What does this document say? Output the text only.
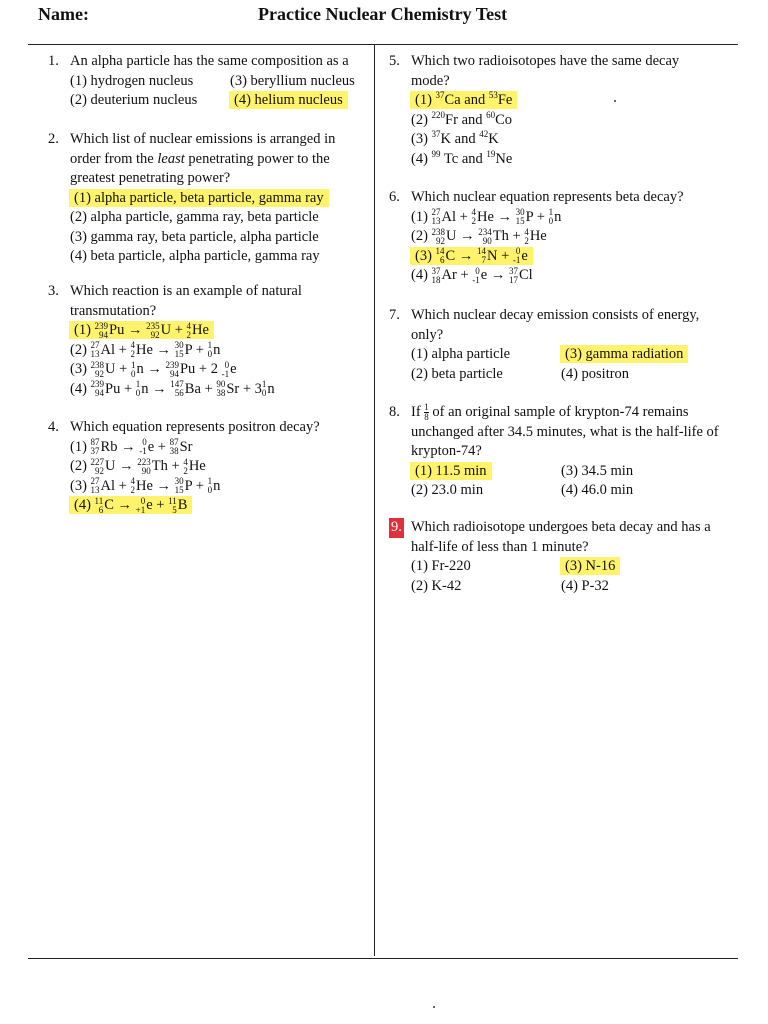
Name:	Practice Nuclear Chemistry Test
1. An alpha particle has the same composition as a
(1) hydrogen nucleus	(3) beryllium nucleus
(2) deuterium nucleus	(4) helium nucleus
2. Which list of nuclear emissions is arranged in order from the least penetrating power to the greatest penetrating power?
(1) alpha particle, beta particle, gamma ray
(2) alpha particle, gamma ray, beta particle
(3) gamma ray, beta particle, alpha particle
(4) beta particle, alpha particle, gamma ray
3. Which reaction is an example of natural transmutation?
(1) 239
94 Pu → 235
92 U + 4
2 He
(2) 27
13 Al + 4
2 He → 30
15 P + 1
0 n
(3) 238
92 U + 1
0 n → 239
94 Pu + 2 0
-1 e
(4) 239
94 Pu + 1
0 n → 147
56 Ba + 90
38 Sr + 3 1
0 n
4. Which equation represents positron decay?
(1) 87
37 Rb → 0
-1 e + 87
38 Sr
(2) 227
92 U → 223
90 Th + 4
2 He
(3) 27
13 Al + 4
2 He → 30
15 P + 1
0 n
(4) 11
6 C → 0
+1 e + 11
5 B
5. Which two radioisotopes have the same decay mode?
(1) $^{37}$Ca and $^{53}$Fe
(2) $^{220}$Fr and $^{60}$Co
(3) $^{37}$K and $^{42}$K
(4) $^{99}$ Tc and $^{19}$Ne
6. Which nuclear equation represents beta decay?
(1) 27
13 Al + 4
2 He → 30
15 P + 1
0 n
(2) 238
92 U → 234
90 Th + 4
2 He
(3) 14
6 C → 14
7 N + 0
-1 e
(4) 37
18 Ar + 0
-1 e → 37
17 Cl
7. Which nuclear decay emission consists of energy, only?
(1) alpha particle	(3) gamma radiation
(2) beta particle	(4) positron
8. If $\frac{1}{8}$ of an original sample of krypton-74 remains unchanged after 34.5 minutes, what is the half-life of krypton-74?
(1) 11.5 min	(3) 34.5 min
(2) 23.0 min	(4) 46.0 min
9. Which radioisotope undergoes beta decay and has a half-life of less than 1 minute?
(1) Fr-220	(3) N-16
(2) K-42	(4) P-32
